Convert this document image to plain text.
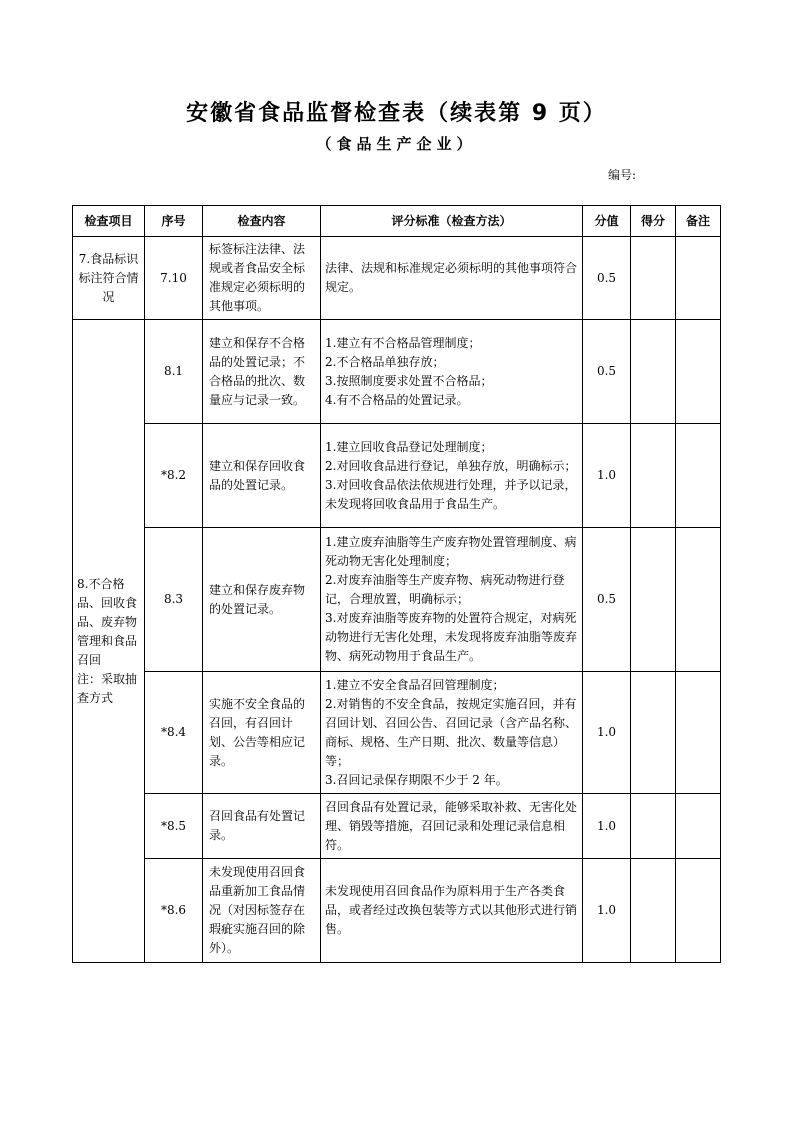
安徽省食品监督检查表（续表第 9 页）
（食品生产企业）
编号:
检查项目	序号	检查内容	评分标准（检查方法）	分值	得分	备注
7.食品标识标注符合情况	7.10	标签标注法律、法规或者食品安全标准规定必须标明的其他事项。	法律、法规和标准规定必须标明的其他事项符合规定。	0.5		

8.不合格品、回收食品、废弃物管理和食品召回
注：采取抽查方式	8.1	建立和保存不合格品的处置记录；不合格品的批次、数量应与记录一致。	1.建立有不合格品管理制度；
2.不合格品单独存放；
3.按照制度要求处置不合格品；
4.有不合格品的处置记录。	0.5		
	*8.2	建立和保存回收食品的处置记录。	1.建立回收食品登记处理制度；
2.对回收食品进行登记，单独存放，明确标示；
3.对回收食品依法依规进行处理，并予以记录，未发现将回收食品用于食品生产。	1.0		
	8.3	建立和保存废弃物的处置记录。	1.建立废弃油脂等生产废弃物处置管理制度、病死动物无害化处理制度；
2.对废弃油脂等生产废弃物、病死动物进行登记，合理放置，明确标示；
3.对废弃油脂等废弃物的处置符合规定，对病死动物进行无害化处理，未发现将废弃油脂等废弃物、病死动物用于食品生产。	0.5		
	*8.4	实施不安全食品的召回，有召回计划、公告等相应记录。	1.建立不安全食品召回管理制度；
2.对销售的不安全食品，按规定实施召回，并有召回计划、召回公告、召回记录（含产品名称、商标、规格、生产日期、批次、数量等信息）等；
3.召回记录保存期限不少于 2 年。	1.0		
	*8.5	召回食品有处置记录。	召回食品有处置记录，能够采取补救、无害化处理、销毁等措施，召回记录和处理记录信息相符。	1.0		
	*8.6	未发现使用召回食品重新加工食品情况（对因标签存在瑕疵实施召回的除外）。	未发现使用召回食品作为原料用于生产各类食品，或者经过改换包装等方式以其他形式进行销售。	1.0		
